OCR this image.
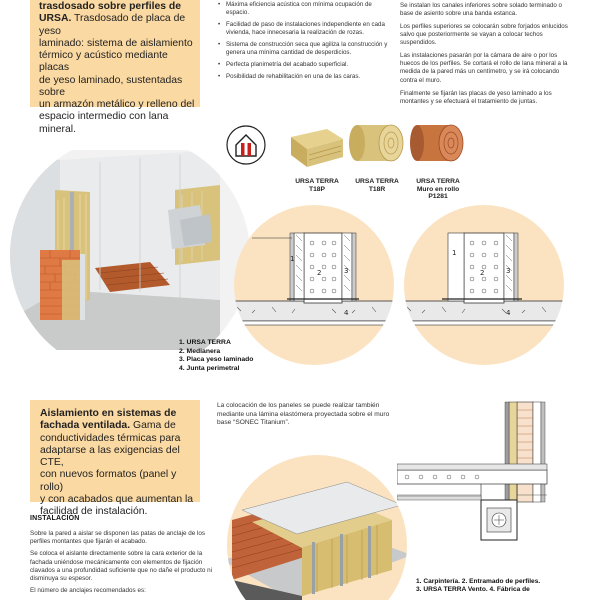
trasdosado sobre perfiles de

URSA. Trasdosado de placa de yeso

laminado: sistema de aislamiento

térmico y acústico mediante placas

de yeso laminado, sustentadas sobre

un armazón metálico y relleno del

espacio intermedio con lana mineral.

• Máxima eficiencia acústica con mínima ocupación de espacio.
• Facilidad de paso de instalaciones independiente en cada vivienda, hace innecesaria la realización de rozas.
• Sistema de construcción seca que agiliza la construcción y genera una mínima cantidad de desperdicios.
• Perfecta planimetría del acabado superficial.
• Posibilidad de rehabilitación en una de las caras.

Se instalan los canales inferiores sobre solado terminado o base de asiento sobre una banda estanca.

Los perfiles superiores se colocarán sobre forjados enlucidos salvo que posteriormente se vayan a colocar techos suspendidos.

Las instalaciones pasarán por la cámara de aire o por los huecos de los perfiles. Se cortará el rollo de lana mineral a la medida de la pared más un centímetro, y se irá colocando contra el muro.

Finalmente se fijarán las placas de yeso laminado a los montantes y se efectuará el tratamiento de juntas.

URSA TERRA
T18P
URSA TERRA
T18R
URSA TERRA
Muro en rollo
P1281
1
2	3
4
1
2	3
4
1. URSA TERRA
2. Medianera
3. Placa yeso laminado
4. Junta perimetral

Aislamiento en sistemas de

fachada ventilada. Gama de

conductividades térmicas para

adaptarse a las exigencias del CTE,

con nuevos formatos (panel y rollo)

y con acabados que aumentan la

facilidad de instalación.

La colocación de los paneles se puede realizar también mediante una lámina elastómera proyectada sobre el muro base “SONEC Titanium”.

INSTALACIÓN

Sobre la pared a aislar se disponen las patas de anclaje de los perfiles montantes que fijarán el acabado.

Se coloca el aislante directamente sobre la cara exterior de la fachada uniéndose mecánicamente con elementos de fijación clavados a una profundidad suficiente que no dañe el producto ni disminuya su espesor.

El número de anclajes recomendados es:

1. Carpintería. 2. Entramado de perfiles.
3. URSA TERRA Vento. 4. Fábrica de
